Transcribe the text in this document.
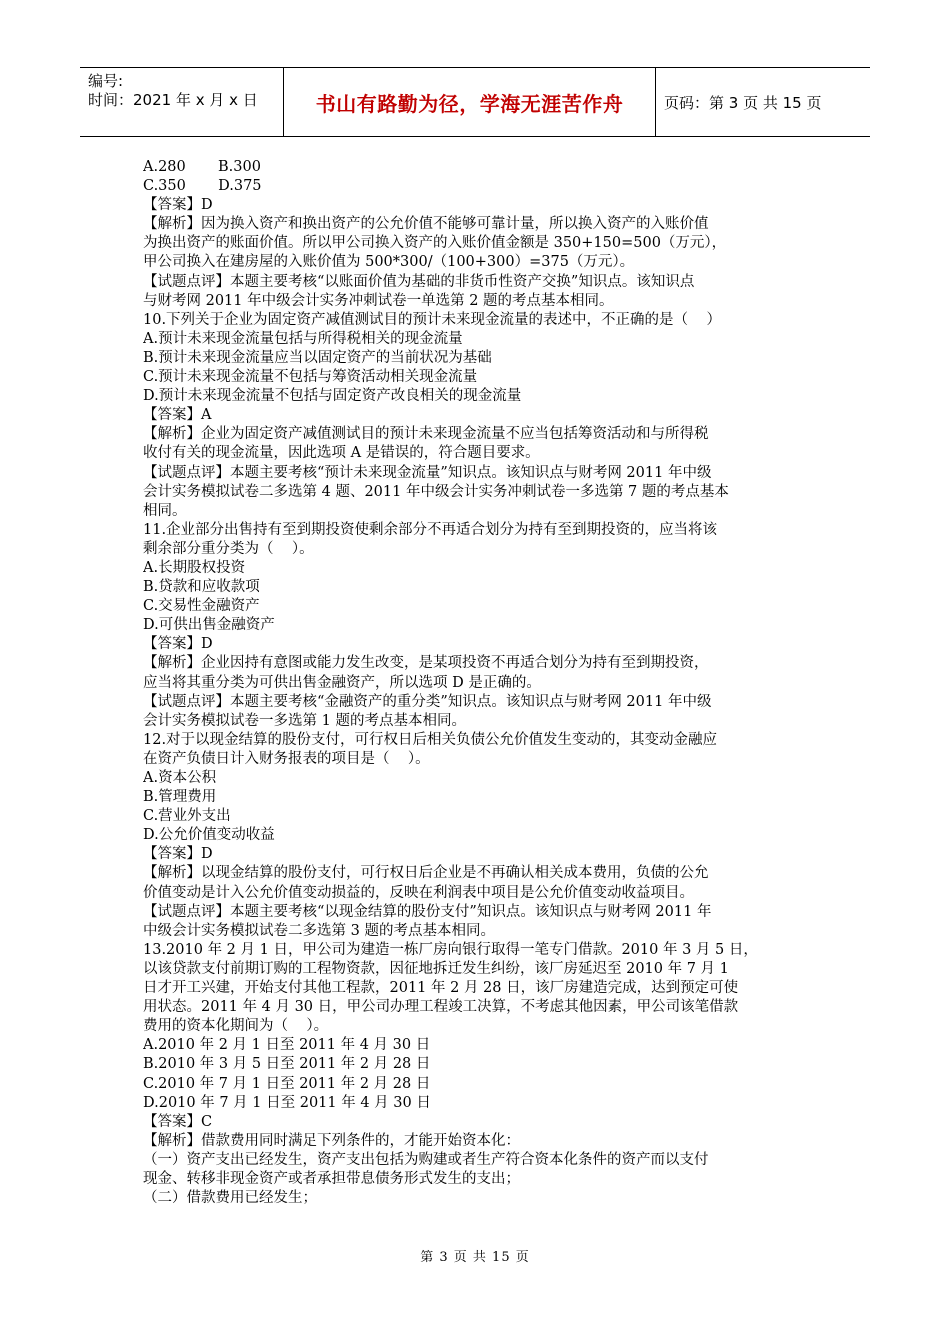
编号:
时间：2021 年 x 月 x 日	书山有路勤为径，学海无涯苦作舟	页码：第 3 页 共 15 页
A.280       B.300
C.350       D.375
【答案】D
【解析】因为换入资产和换出资产的公允价值不能够可靠计量，所以换入资产的入账价值
为换出资产的账面价值。所以甲公司换入资产的入账价值金额是 350+150=500（万元），
甲公司换入在建房屋的入账价值为 500*300/（100+300）=375（万元）。
【试题点评】本题主要考核“以账面价值为基础的非货币性资产交换”知识点。该知识点
与财考网 2011 年中级会计实务冲刺试卷一单选第 2 题的考点基本相同。
10.下列关于企业为固定资产减值测试目的预计未来现金流量的表述中，不正确的是（    ）
A.预计未来现金流量包括与所得税相关的现金流量
B.预计未来现金流量应当以固定资产的当前状况为基础
C.预计未来现金流量不包括与筹资活动相关现金流量
D.预计未来现金流量不包括与固定资产改良相关的现金流量
【答案】A
【解析】企业为固定资产减值测试目的预计未来现金流量不应当包括筹资活动和与所得税
收付有关的现金流量，因此选项 A 是错误的，符合题目要求。
【试题点评】本题主要考核“预计未来现金流量”知识点。该知识点与财考网 2011 年中级
会计实务模拟试卷二多选第 4 题、2011 年中级会计实务冲刺试卷一多选第 7 题的考点基本
相同。
11.企业部分出售持有至到期投资使剩余部分不再适合划分为持有至到期投资的，应当将该
剩余部分重分类为（    ）。
A.长期股权投资
B.贷款和应收款项
C.交易性金融资产
D.可供出售金融资产
【答案】D
【解析】企业因持有意图或能力发生改变，是某项投资不再适合划分为持有至到期投资，
应当将其重分类为可供出售金融资产，所以选项 D 是正确的。
【试题点评】本题主要考核“金融资产的重分类”知识点。该知识点与财考网 2011 年中级
会计实务模拟试卷一多选第 1 题的考点基本相同。
12.对于以现金结算的股份支付，可行权日后相关负债公允价值发生变动的，其变动金融应
在资产负债日计入财务报表的项目是（    ）。
A.资本公积
B.管理费用
C.营业外支出
D.公允价值变动收益
【答案】D
【解析】以现金结算的股份支付，可行权日后企业是不再确认相关成本费用，负债的公允
价值变动是计入公允价值变动损益的，反映在利润表中项目是公允价值变动收益项目。
【试题点评】本题主要考核“以现金结算的股份支付”知识点。该知识点与财考网 2011 年
中级会计实务模拟试卷二多选第 3 题的考点基本相同。
13.2010 年 2 月 1 日，甲公司为建造一栋厂房向银行取得一笔专门借款。2010 年 3 月 5 日，
以该贷款支付前期订购的工程物资款，因征地拆迁发生纠纷，该厂房延迟至 2010 年 7 月 1
日才开工兴建，开始支付其他工程款，2011 年 2 月 28 日，该厂房建造完成，达到预定可使
用状态。2011 年 4 月 30 日，甲公司办理工程竣工决算，不考虑其他因素，甲公司该笔借款
费用的资本化期间为（    ）。
A.2010 年 2 月 1 日至 2011 年 4 月 30 日
B.2010 年 3 月 5 日至 2011 年 2 月 28 日
C.2010 年 7 月 1 日至 2011 年 2 月 28 日
D.2010 年 7 月 1 日至 2011 年 4 月 30 日
【答案】C
【解析】借款费用同时满足下列条件的，才能开始资本化：
（一）资产支出已经发生，资产支出包括为购建或者生产符合资本化条件的资产而以支付
现金、转移非现金资产或者承担带息债务形式发生的支出；
（二）借款费用已经发生；
第 3 页 共 15 页
